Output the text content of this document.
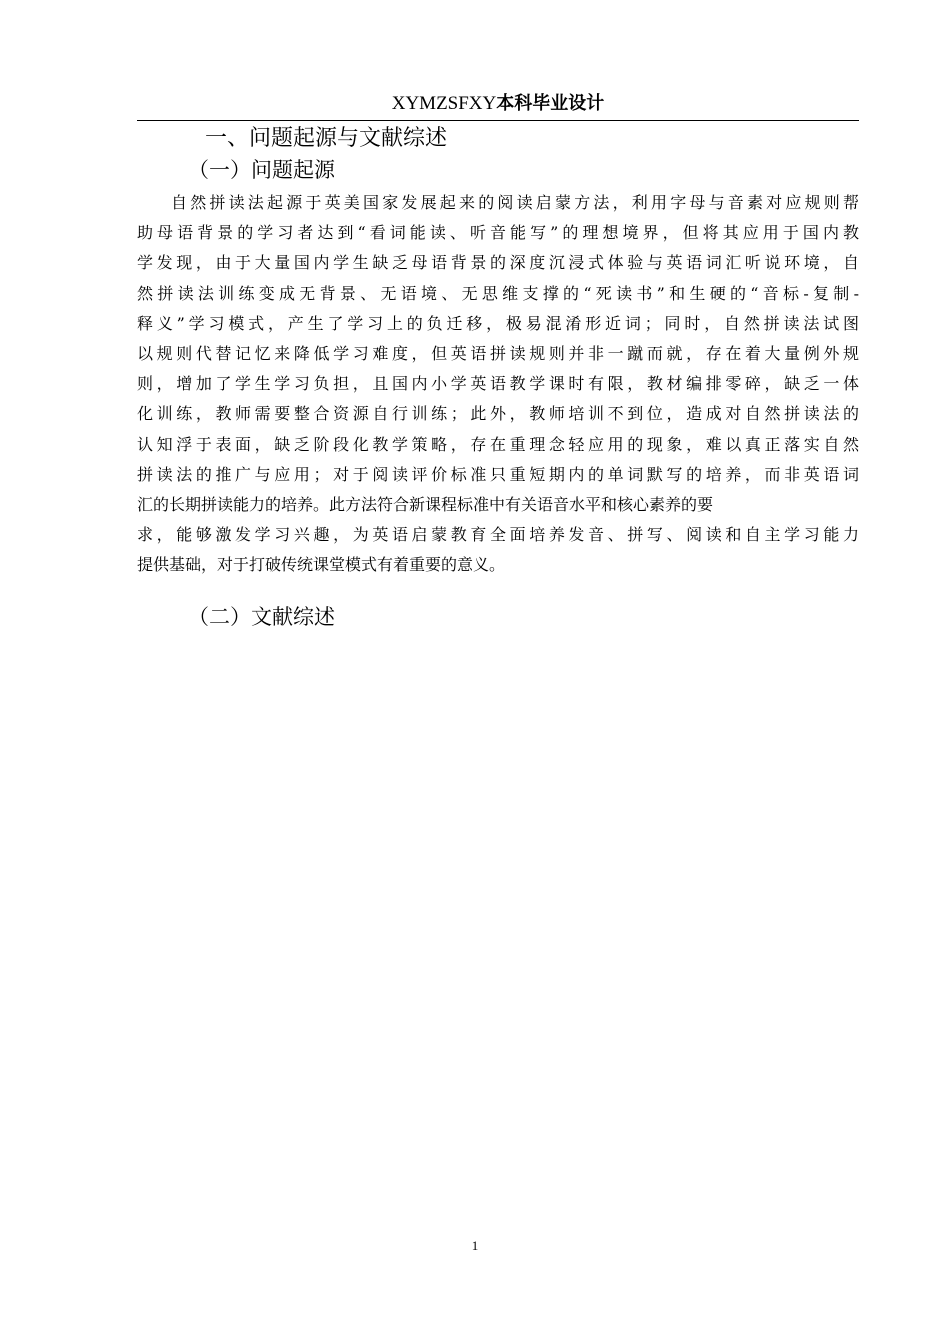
XYMZSFXY本科毕业设计
一、问题起源与文献综述
（一）问题起源
自然拼读法起源于英美国家发展起来的阅读启蒙方法，利用字母与音素对应规则帮
助母语背景的学习者达到“看词能读、听音能写”的理想境界，但将其应用于国内教
学发现，由于大量国内学生缺乏母语背景的深度沉浸式体验与英语词汇听说环境，自
然拼读法训练变成无背景、无语境、无思维支撑的“死读书”和生硬的“音标-复制-
释义”学习模式，产生了学习上的负迁移，极易混淆形近词；同时，自然拼读法试图
以规则代替记忆来降低学习难度，但英语拼读规则并非一蹴而就，存在着大量例外规
则，增加了学生学习负担，且国内小学英语教学课时有限，教材编排零碎，缺乏一体
化训练，教师需要整合资源自行训练；此外，教师培训不到位，造成对自然拼读法的
认知浮于表面，缺乏阶段化教学策略，存在重理念轻应用的现象，难以真正落实自然
拼读法的推广与应用；对于阅读评价标准只重短期内的单词默写的培养，而非英语词
汇的长期拼读能力的培养。此方法符合新课程标准中有关语音水平和核心素养的要
求，能够激发学习兴趣，为英语启蒙教育全面培养发音、拼写、阅读和自主学习能力
提供基础，对于打破传统课堂模式有着重要的意义。
（二）文献综述
1
